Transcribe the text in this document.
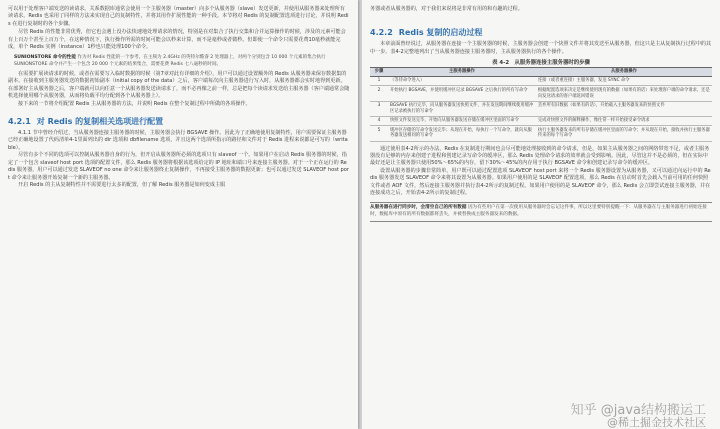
可以用于处理客户端发送的读请求。关系数据库通常会使用一个主服务器（master）向多个从服务器（slave）发送更新，并使用从服务器来处理所有读请求，Redis 也采用了同样的方法来实现自己的复制特性，并将其用作扩展性能的一种手段。本节将对 Redis 的复制配置选项进行讨论，并说明 Redis 在进行复制时的各个步骤。

尽管 Redis 的性能非常优秀，但它也会遇上没办法快速地处理请求的情况，特别是在对集合了执行交集和合并运算操作的时候，涉及的元素可能会有上百万个甚至上百万个，在这种情况下，执行操作所需的时间可能会以秒来计算，而不是毫秒或者微秒。但即使一个命令只需要花费10毫秒就能完成，单个 Redis 实例（instance）1秒也只能处理100个命令。

SUNIONSTORE 命令的性能 作为对 Redis 性能的一个参考，在主频为 2.4GHz 的英特尔酷睿 2 处理器上，对两个分别包含 10 000 个元素的集合执行 SUNIONSTORE 命令并产生一个包含 20 000 个元素的结果集合，需要花费 Redis 七八毫秒的时间。

在需要扩展读请求的时候，或者在需要写入临时数据的时候（第7章对此有详细的介绍），用户可以通过设置额外的 Redis 从服务器来保存数据集的副本。在接收到主服务器发送的数据初始副本（initial copy of the data）之后，客户端每次向主服务器进行写入时，从服务器都会实时地得到更新。在部署好主从服务器之后，客户端就可以向任意一个从服务器发送读请求了，而不必再像之前一样，总是把每个读请求发送给主服务器（客户端通常会随机选择使用哪个从服务器，从而将负载平均分配到各个从服务器上）。

接下来的一节将介绍配置 Redis 主从服务器的方法，并说明 Redis 在整个复制过程中所做的各项操作。

4.2.1 对 Redis 的复制相关选项进行配置

4.1.1 节中曾经介绍过，当从服务器连接主服务器的时候，主服务器会执行 BGSAVE 操作。因此为了正确地使用复制特性，用户需要保证主服务器已经正确地设置了代码清单4-1里面列出的 dir 选项和 dbfilename 选项，并且这两个选项所指示的路径和文件对于 Redis 进程来说都是可写的（writable）。

尽管有多个不同的选项可以控制从服务器自身的行为，但开启从服务器所必须的选项只有 slaveof 一个。如果用户在启动 Redis 服务器的时候，指定了一个包含 slaveof host port 选项的配置文件，那么 Redis 服务器将根据该选项给定的 IP 地址和端口号来连接主服务器。对于一个正在运行的 Redis 服务器，用户可以通过发送 SLAVEOF no one 命令来让服务器终止复制操作，不再接受主服务器的数据更新；也可以通过发送 SLAVEOF host port 命令来让服务器开始复制一个新的主服务器。

开启 Redis 的主从复制特性并不需要进行太多的配置，但了解 Redis 服务器是如何变成主服

务器或者从服务器的，对于我们来说将是非常有用的和有趣的过程。

4.2.2 Redis 复制的启动过程

本章前面曾经说过，从服务器在连接一个主服务器的时候，主服务器会创建一个快照文件并将其发送至从服务器，但这只是主从复制执行过程中的其中一步。表4-2完整地列出了当从服务器连接主服务器时，主从服务器执行的各个操作。

表 4-2　从服务器连接主服务器时的步骤
步骤	主服务器操作	从服务器操作
1	（等待命令进入）	连接（或者重连接）主服务器，发送 SYNC 命令
2	开始执行 BGSAVE，并使用缓冲区记录 BGSAVE 之后执行的所有写命令	根据配置选项来决定是继续使用现有的数据（如果有的话）来处理客户端的命令请求，还是向发送请求的客户端返回错误
3	BGSAVE 执行完毕，向从服务器发送快照文件，并在发送期间继续使用缓冲区记录被执行的写命令	丢弃所有旧数据（如果有的话），开始载入主服务器发来的快照文件
4	快照文件发送完毕，开始向从服务器发送存储在缓冲区里面的写命令	完成对快照文件的解释操作，像往常一样开始接受命令请求
5	缓冲区存储的写命令发送完毕；从现在开始，每执行一个写命令，就向从服务器发送相同的写命令	执行主服务器发来的所有存储在缓冲区里面的写命令；并从现在开始，接收并执行主服务器传来的每个写命令

通过使用表4-2所示的办法，Redis 在复制进行期间也会尽可能地处理接收到的命令请求，但是，如果主从服务器之间的网络带宽不足，或者主服务器没有足够的内存来创建子进程和创建记录写命令的缓冲区，那么 Redis 处理命令请求的效率就会受到影响。因此，尽管这并不是必须的，但在实际中最好还是让主服务器只使用50%～65%的内存，留下30%～45%的内存用于执行 BGSAVE 命令和创建记录写命令的缓冲区。

设置从服务器的步骤非常简单，用户既可以通过配置选项 SLAVEOF host port 来将一个 Redis 服务器设置为从服务器，又可以通过向运行中的 Redis 服务器发送 SLAVEOF 命令来将其设置为从服务器。如果用户使用的是 SLAVEOF 配置选项，那么 Redis 在启动时首先会载入当前可用的任何快照文件或者 AOF 文件，然后连接主服务器并执行表4-2所示的复制过程。如果用户使用的是 SLAVEOF 命令，那么 Redis 会立即尝试连接主服务器，并在连接成功之后，开始表4-2所示的复制过程。

从服务器在进行同步时，会清空自己的所有数据 因为有些用户在第一次使用从服务器时会忘记这件事，所以这里要特别提醒一下：从服务器在与主服务器进行初始连接时，数据库中原有的所有数据都将丢失，并被替换成主服务器发来的数据。
知乎 @java结构搬运工
@稀土掘金技术社区
